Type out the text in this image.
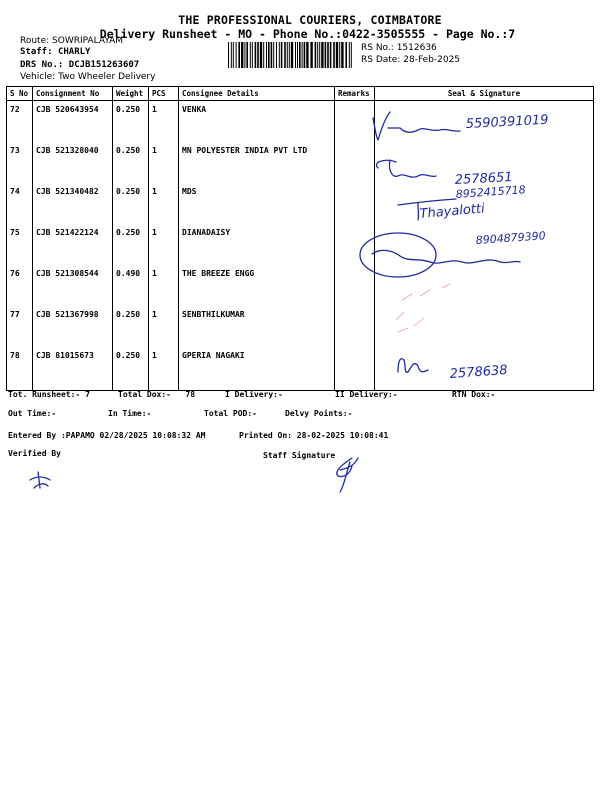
THE PROFESSIONAL COURIERS, COIMBATORE
Delivery Runsheet - MO - Phone No.:0422-3505555 - Page No.:7
Route: SOWRIPALAYAM
Staff: CHARLY
DRS No.: DCJB151263607
Vehicle: Two Wheeler Delivery
RS No.: 1512636
RS Date: 28-Feb-2025
S No	Consignment No	Weight	PCS	Consignee Details	Remarks	Seal & Signature
72	CJB 520643954	0.250	1	VENKA		
73	CJB 521328040	0.250	1	MN POLYESTER INDIA PVT LTD		
74	CJB 521340482	0.250	1	MDS		
75	CJB 521422124	0.250	1	DIANADAISY		
76	CJB 521308544	0.490	1	THE BREEZE ENGG		
77	CJB 521367998	0.250	1	SENBTHILKUMAR		
78	CJB 81015673	0.250	1	GPERIA NAGAKI		
Tot. Runsheet:- 7	Total Dox:-   78	I Delivery:-	II Delivery:-	RTN Dox:-
Out Time:-	In Time:-	Total POD:-	Delvy Points:-
Entered By :PAPAMO 02/28/2025 10:08:32 AM	Printed On: 28-02-2025 10:08:41
Verified By	Staff Signature
5590391019
2578651
8952415718
Thayalotti
8904879390
2578638
